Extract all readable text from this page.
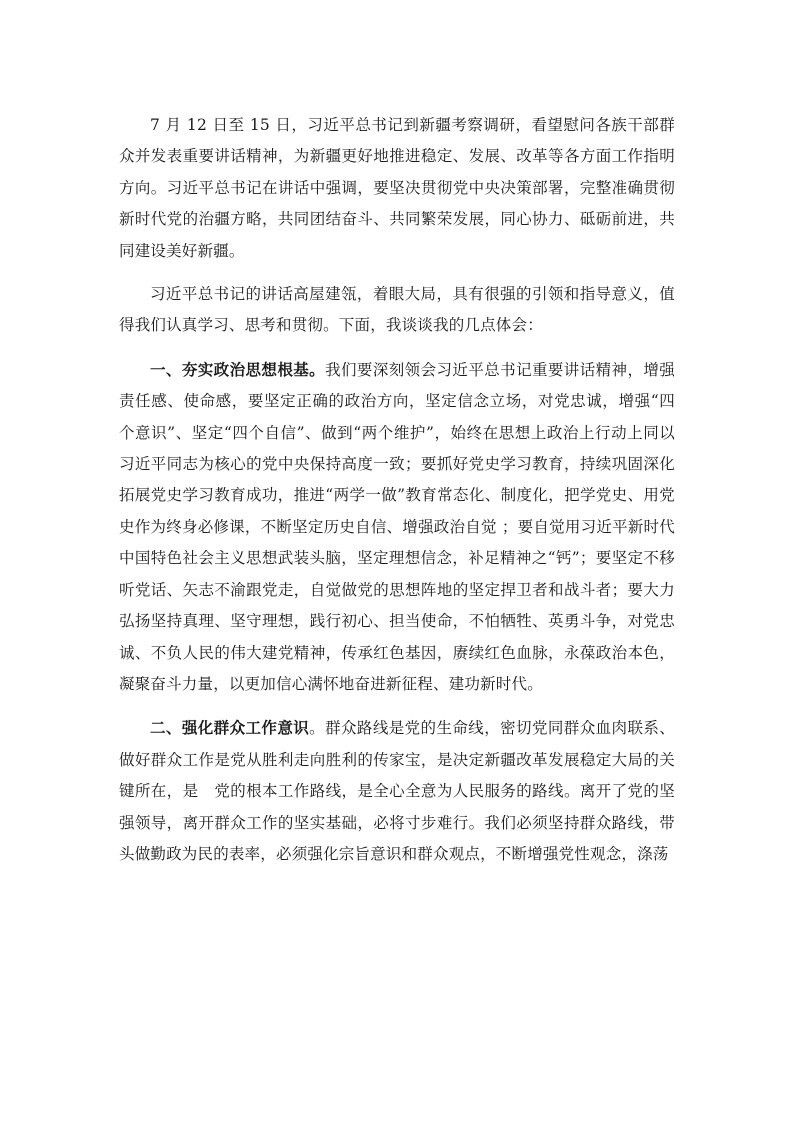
7 月 12 日至 15 日，习近平总书记到新疆考察调研，看望慰问各族干部群众并发表重要讲话精神，为新疆更好地推进稳定、发展、改革等各方面工作指明方向。习近平总书记在讲话中强调，要坚决贯彻党中央决策部署，完整准确贯彻新时代党的治疆方略，共同团结奋斗、共同繁荣发展，同心协力、砥砺前进，共同建设美好新疆。

习近平总书记的讲话高屋建瓴，着眼大局，具有很强的引领和指导意义，值得我们认真学习、思考和贯彻。下面，我谈谈我的几点体会：

一、夯实政治思想根基。我们要深刻领会习近平总书记重要讲话精神，增强责任感、使命感，要坚定正确的政治方向，坚定信念立场，对党忠诚，增强“四个意识”、坚定“四个自信”、做到“两个维护”，始终在思想上政治上行动上同以习近平同志为核心的党中央保持高度一致；要抓好党史学习教育，持续巩固深化拓展党史学习教育成功，推进“两学一做”教育常态化、制度化，把学党史、用党史作为终身必修课，不断坚定历史自信、增强政治自觉 ；要自觉用习近平新时代中国特色社会主义思想武装头脑，坚定理想信念，补足精神之“钙”；要坚定不移听党话、矢志不渝跟党走，自觉做党的思想阵地的坚定捍卫者和战斗者；要大力弘扬坚持真理、坚守理想，践行初心、担当使命，不怕牺牲、英勇斗争，对党忠诚、不负人民的伟大建党精神，传承红色基因，赓续红色血脉，永葆政治本色，凝聚奋斗力量，以更加信心满怀地奋进新征程、建功新时代。

二、强化群众工作意识。群众路线是党的生命线，密切党同群众血肉联系、做好群众工作是党从胜利走向胜利的传家宝，是决定新疆改革发展稳定大局的关键所在，是　党的根本工作路线，是全心全意为人民服务的路线。离开了党的坚强领导，离开群众工作的坚实基础，必将寸步难行。我们必须坚持群众路线，带头做勤政为民的表率，必须强化宗旨意识和群众观点，不断增强党性观念，涤荡
